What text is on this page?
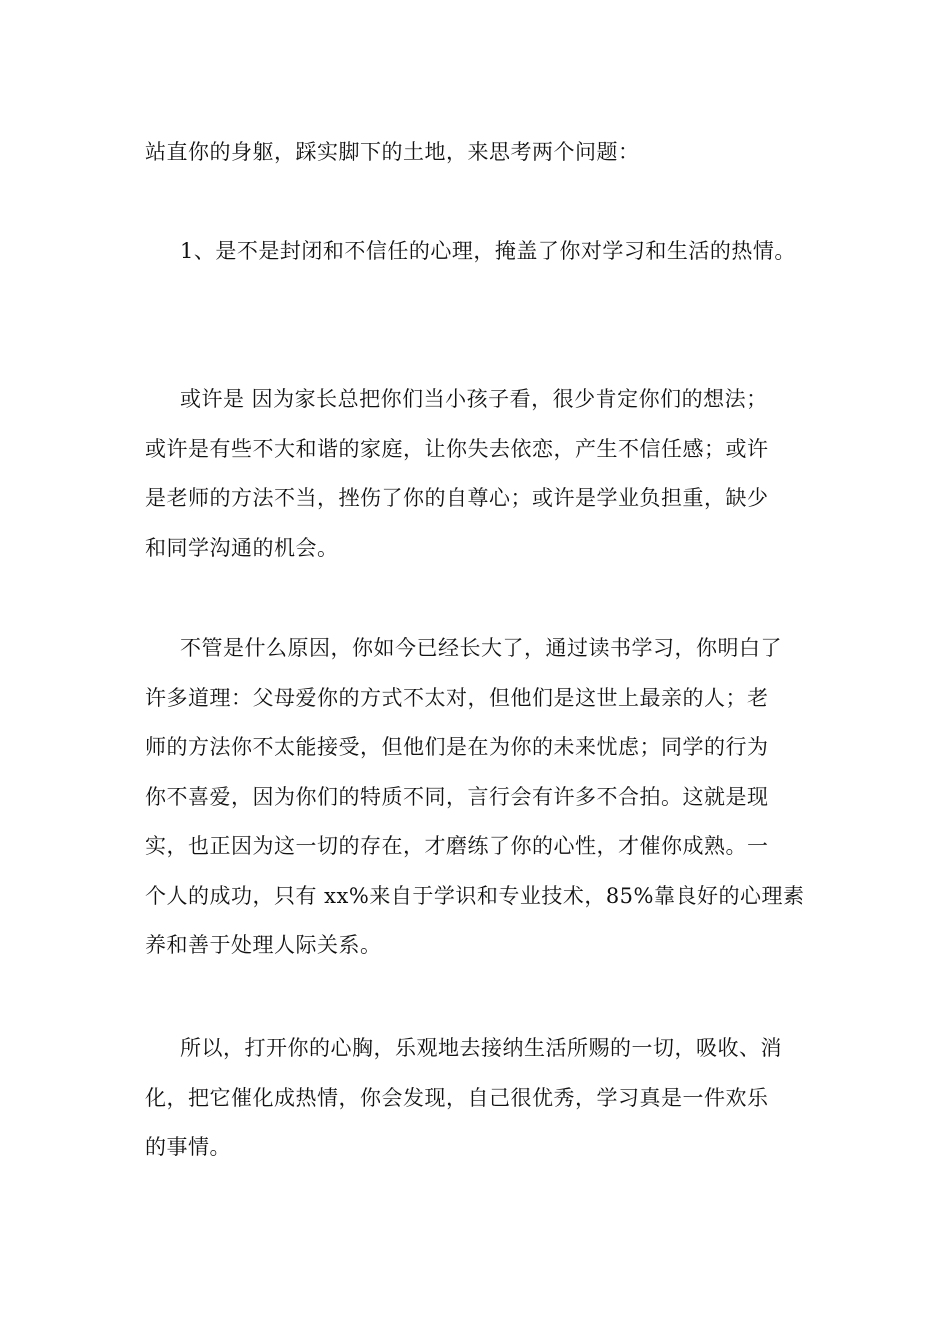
站直你的身躯，踩实脚下的土地，来思考两个问题：

1、是不是封闭和不信任的心理，掩盖了你对学习和生活的热情。

或许是 因为家长总把你们当小孩子看，很少肯定你们的想法；
或许是有些不大和谐的家庭，让你失去依恋，产生不信任感；或许
是老师的方法不当，挫伤了你的自尊心；或许是学业负担重，缺少
和同学沟通的机会。

不管是什么原因，你如今已经长大了，通过读书学习，你明白了
许多道理：父母爱你的方式不太对，但他们是这世上最亲的人；老
师的方法你不太能接受，但他们是在为你的未来忧虑；同学的行为
你不喜爱，因为你们的特质不同，言行会有许多不合拍。这就是现
实，也正因为这一切的存在，才磨练了你的心性，才催你成熟。一
个人的成功，只有 xx%来自于学识和专业技术，85%靠良好的心理素
养和善于处理人际关系。

所以，打开你的心胸，乐观地去接纳生活所赐的一切，吸收、消
化，把它催化成热情，你会发现，自己很优秀，学习真是一件欢乐
的事情。
